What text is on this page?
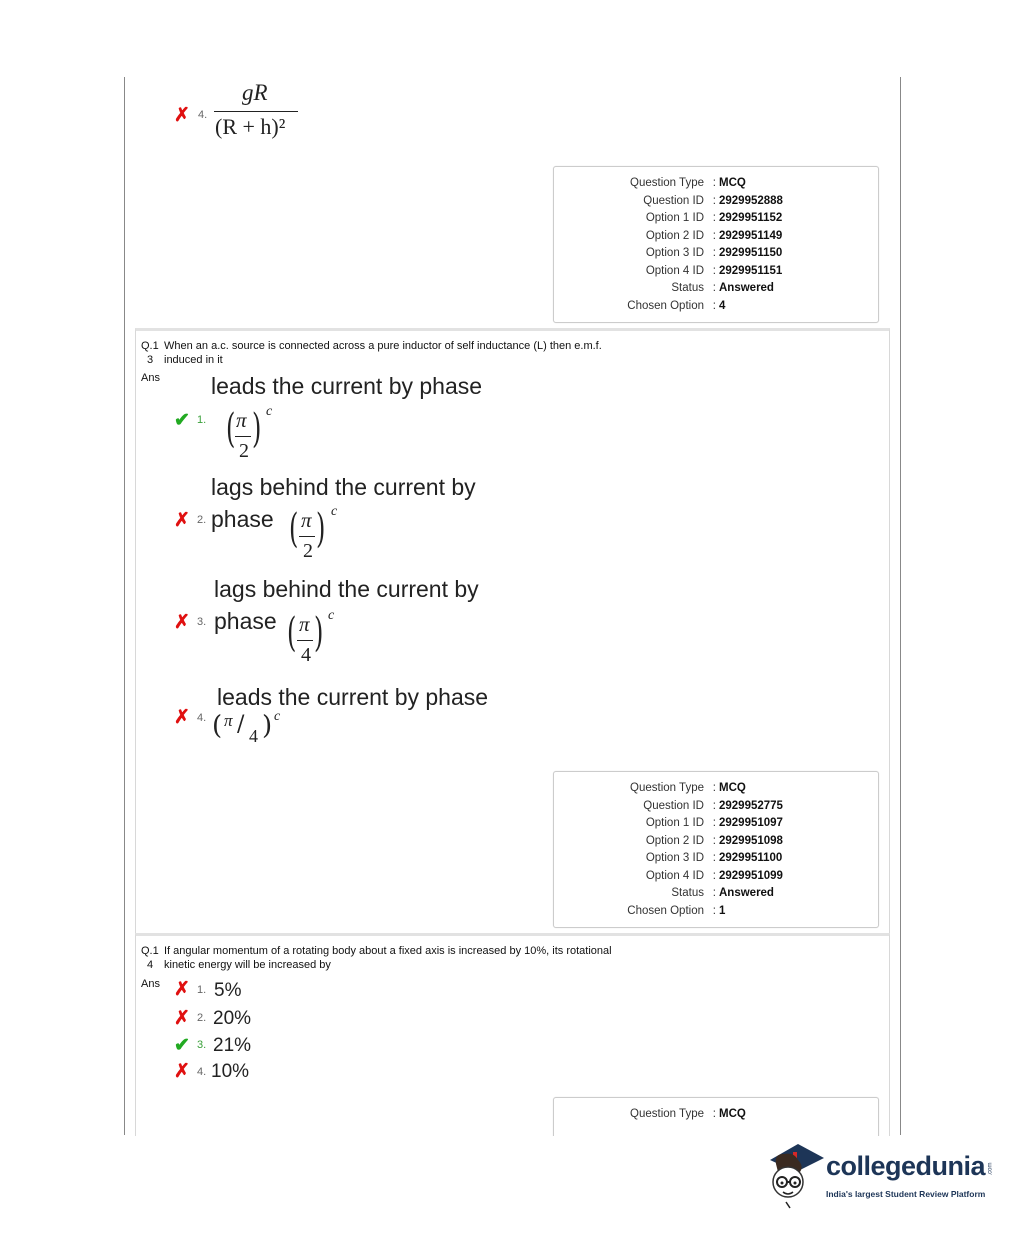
✗ 4.
gR
(R + h)²
Question Type : MCQ
Question ID : 2929952888
Option 1 ID : 2929951152
Option 2 ID : 2929951149
Option 3 ID : 2929951150
Option 4 ID : 2929951151
Status : Answered
Chosen Option : 4
Q.1
3
When an a.c. source is connected across a pure inductor of self inductance (L) then e.m.f.
induced in it
Ans leads the current by phase
✔ 1. ( π
2 ) c
lags behind the current by
✗ 2. phase ( π
2 ) c
lags behind the current by
✗ 3. phase ( π
4 ) c
leads the current by phase
✗ 4. ( π / 4 ) c
Question Type : MCQ
Question ID : 2929952775
Option 1 ID : 2929951097
Option 2 ID : 2929951098
Option 3 ID : 2929951100
Option 4 ID : 2929951099
Status : Answered
Chosen Option : 1
Q.1
4
If angular momentum of a rotating body about a fixed axis is increased by 10%, its rotational
kinetic energy will be increased by
Ans ✗ 1. 5%
✗ 2. 20%
✔ 3. 21%
✗ 4. 10%
Question Type : MCQ
collegedunia .com
India's largest Student Review Platform
